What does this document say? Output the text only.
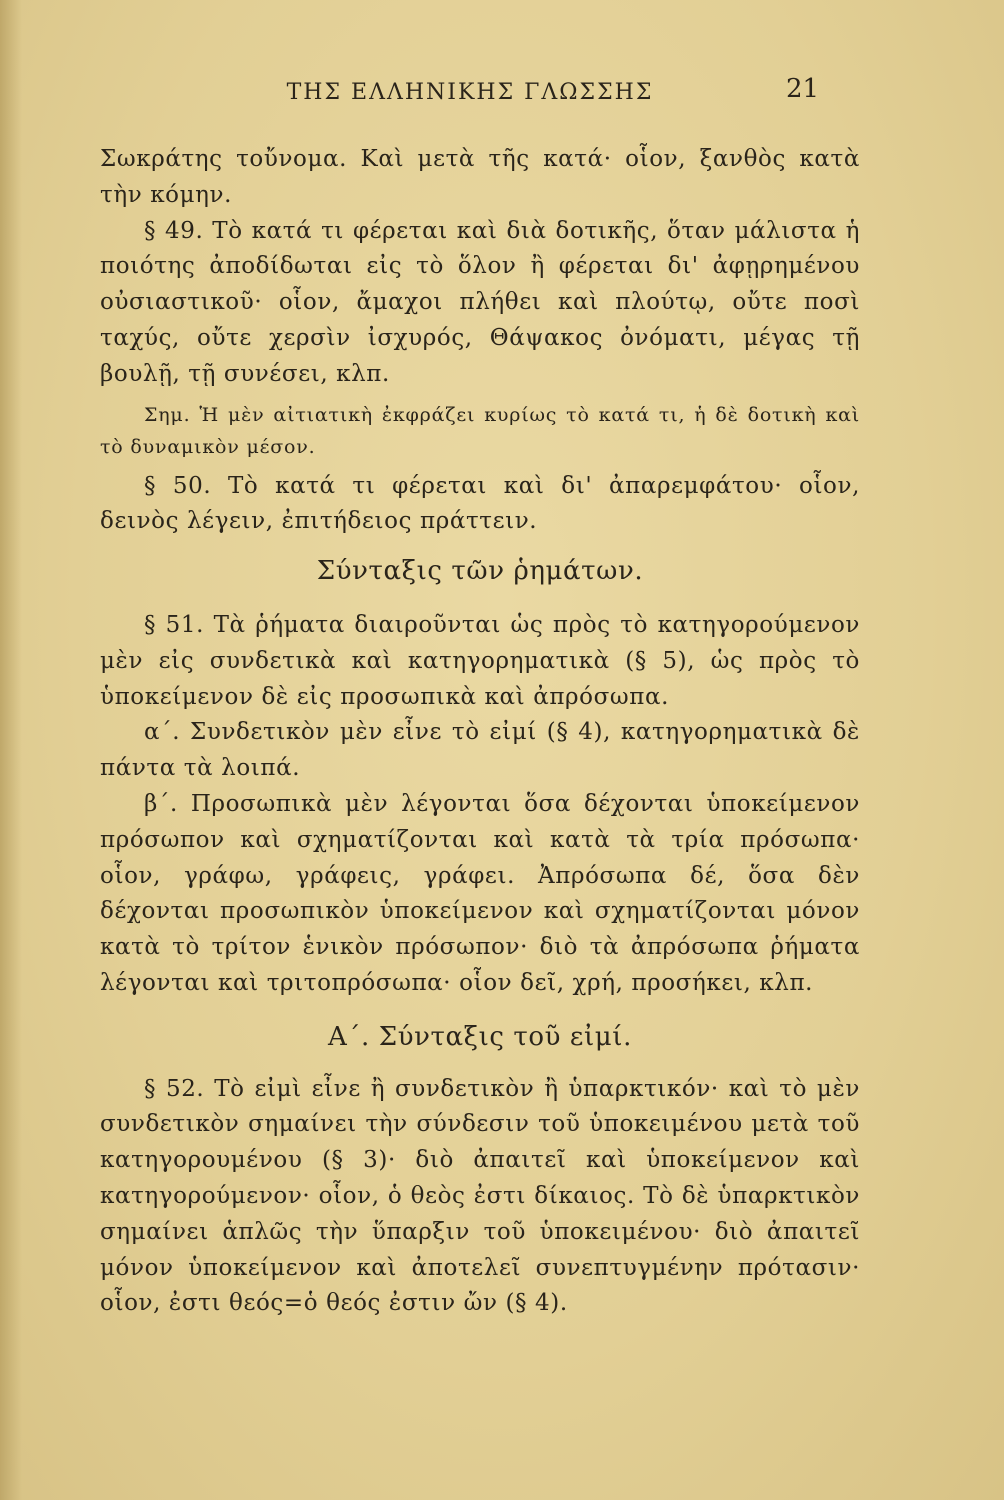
ΤΗΣ ΕΛΛΗΝΙΚΗΣ ΓΛΩΣΣΗΣ	21

Σωκράτης τοὔνομα. Καὶ μετὰ τῆς κατά· οἷον, ξανθὸς κατὰ τὴν κόμην.

§ 49. Τὸ κατά τι φέρεται καὶ διὰ δοτικῆς, ὅταν μάλιστα ἡ ποιότης ἀποδίδωται εἰς τὸ ὅλον ἢ φέρεται δι' ἀφῃρημένου οὐσιαστικοῦ· οἷον, ἄμαχοι πλήθει καὶ πλούτῳ, οὔτε ποσὶ ταχύς, οὔτε χερσὶν ἰσχυρός, Θάψακος ὀνόματι, μέγας τῇ βουλῇ, τῇ συνέσει, κλπ.

Σημ. Ἡ μὲν αἰτιατικὴ ἐκφράζει κυρίως τὸ κατά τι, ἡ δὲ δοτικὴ καὶ τὸ δυναμικὸν μέσον.

§ 50. Τὸ κατά τι φέρεται καὶ δι' ἀπαρεμφάτου· οἷον, δεινὸς λέγειν, ἐπιτήδειος πράττειν.

Σύνταξις τῶν ῥημάτων.

§ 51. Τὰ ῥήματα διαιροῦνται ὡς πρὸς τὸ κατηγορούμενον μὲν εἰς συνδετικὰ καὶ κατηγορηματικὰ (§ 5), ὡς πρὸς τὸ ὑποκείμενον δὲ εἰς προσωπικὰ καὶ ἀπρόσωπα.

α΄. Συνδετικὸν μὲν εἶνε τὸ εἰμί (§ 4), κατηγορηματικὰ δὲ πάντα τὰ λοιπά.

β΄. Προσωπικὰ μὲν λέγονται ὅσα δέχονται ὑποκείμενον πρόσωπον καὶ σχηματίζονται καὶ κατὰ τὰ τρία πρόσωπα· οἷον, γράφω, γράφεις, γράφει. Ἀπρόσωπα δέ, ὅσα δὲν δέχονται προσωπικὸν ὑποκείμενον καὶ σχηματίζονται μόνον κατὰ τὸ τρίτον ἑνικὸν πρόσωπον· διὸ τὰ ἀπρόσωπα ῥήματα λέγονται καὶ τριτοπρόσωπα· οἷον δεῖ, χρή, προσήκει, κλπ.

Α΄. Σύνταξις τοῦ εἰμί.

§ 52. Τὸ εἰμὶ εἶνε ἢ συνδετικὸν ἢ ὑπαρκτικόν· καὶ τὸ μὲν συνδετικὸν σημαίνει τὴν σύνδεσιν τοῦ ὑποκειμένου μετὰ τοῦ κατηγορουμένου (§ 3)· διὸ ἀπαιτεῖ καὶ ὑποκείμενον καὶ κατηγορούμενον· οἷον, ὁ θεὸς ἐστι δίκαιος. Τὸ δὲ ὑπαρκτικὸν σημαίνει ἁπλῶς τὴν ὕπαρξιν τοῦ ὑποκειμένου· διὸ ἀπαιτεῖ μόνον ὑποκείμενον καὶ ἀποτελεῖ συνεπτυγμένην πρότασιν· οἷον, ἐστι θεός=ὁ θεός ἐστιν ὤν (§ 4).
